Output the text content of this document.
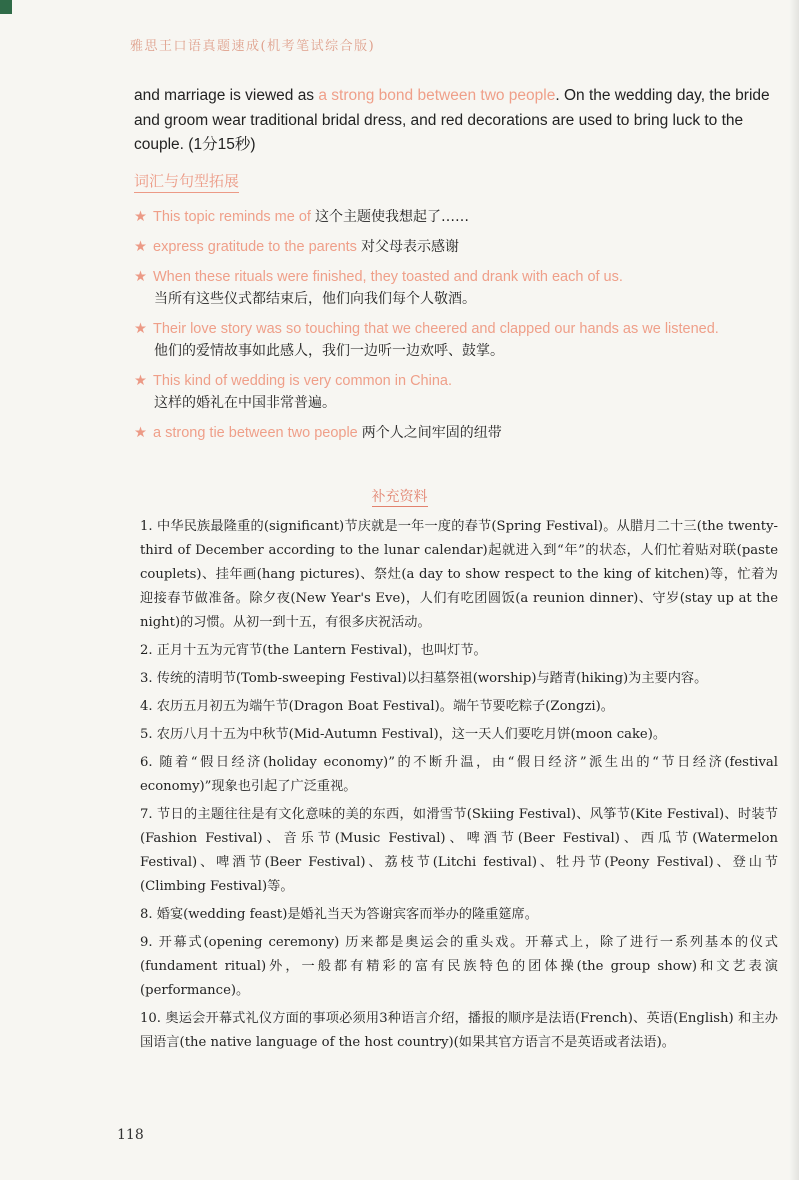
雅思王口语真题速成(机考笔试综合版)
and marriage is viewed as a strong bond between two people. On the wedding day, the bride and groom wear traditional bridal dress, and red decorations are used to bring luck to the couple. (1分15秒)
词汇与句型拓展
★ This topic reminds me of 这个主题使我想起了……
★ express gratitude to the parents 对父母表示感谢
★ When these rituals were finished, they toasted and drank with each of us.
当所有这些仪式都结束后，他们向我们每个人敬酒。
★ Their love story was so touching that we cheered and clapped our hands as we listened.
他们的爱情故事如此感人，我们一边听一边欢呼、鼓掌。
★ This kind of wedding is very common in China.
这样的婚礼在中国非常普遍。
★ a strong tie between two people 两个人之间牢固的纽带
补充资料
1. 中华民族最隆重的(significant)节庆就是一年一度的春节(Spring Festival)。从腊月二十三(the twenty-third of December according to the lunar calendar)起就进入到“年”的状态，人们忙着贴对联(paste couplets)、挂年画(hang pictures)、祭灶(a day to show respect to the king of kitchen)等，忙着为迎接春节做准备。除夕夜(New Year's Eve)，人们有吃团圆饭(a reunion dinner)、守岁(stay up at the night)的习惯。从初一到十五，有很多庆祝活动。
2. 正月十五为元宵节(the Lantern Festival)，也叫灯节。
3. 传统的清明节(Tomb-sweeping Festival)以扫墓祭祖(worship)与踏青(hiking)为主要内容。
4. 农历五月初五为端午节(Dragon Boat Festival)。端午节要吃粽子(Zongzi)。
5. 农历八月十五为中秋节(Mid-Autumn Festival)，这一天人们要吃月饼(moon cake)。
6. 随着“假日经济(holiday economy)”的不断升温，由“假日经济”派生出的“节日经济(festival economy)”现象也引起了广泛重视。
7. 节日的主题往往是有文化意味的美的东西，如滑雪节(Skiing Festival)、风筝节(Kite Festival)、时装节(Fashion Festival)、音乐节(Music Festival)、啤酒节(Beer Festival)、西瓜节(Watermelon Festival)、啤酒节(Beer Festival)、荔枝节(Litchi festival)、牡丹节(Peony Festival)、登山节(Climbing Festival)等。
8. 婚宴(wedding feast)是婚礼当天为答谢宾客而举办的隆重筵席。
9. 开幕式(opening ceremony) 历来都是奥运会的重头戏。开幕式上，除了进行一系列基本的仪式(fundament ritual)外，一般都有精彩的富有民族特色的团体操(the group show)和文艺表演(performance)。
10. 奥运会开幕式礼仪方面的事项必须用3种语言介绍，播报的顺序是法语(French)、英语(English) 和主办国语言(the native language of the host country)(如果其官方语言不是英语或者法语)。
118
